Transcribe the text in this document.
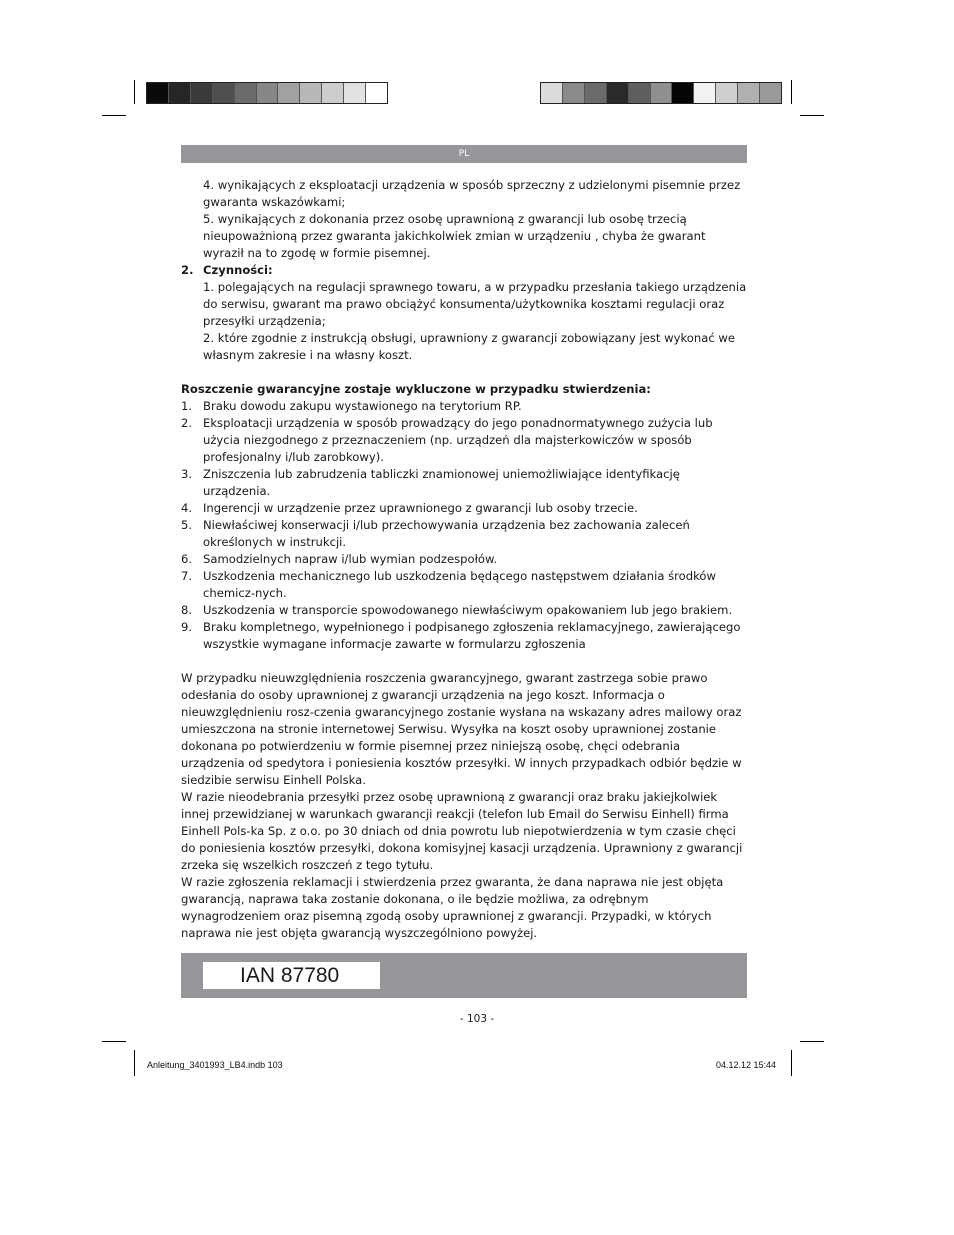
PL
4. wynikających z eksploatacji urządzenia w sposób sprzeczny z udzielonymi pisemnie przez gwaranta wskazówkami;
5. wynikających z dokonania przez osobę uprawnioną z gwarancji lub osobę trzecią nieupoważnioną przez gwaranta jakichkolwiek zmian w urządzeniu , chyba że gwarant wyraził na to zgodę w formie pisemnej.
2. Czynności:
1. polegających na regulacji sprawnego towaru, a w przypadku przesłania takiego urządzenia do serwisu, gwarant ma prawo obciążyć konsumenta/użytkownika kosztami regulacji oraz przesyłki urządzenia;
2. które zgodnie z instrukcją obsługi, uprawniony z gwarancji zobowiązany jest wykonać we własnym zakresie i na własny koszt.
Roszczenie gwarancyjne zostaje wykluczone w przypadku stwierdzenia:
1. Braku dowodu zakupu wystawionego na terytorium RP.
2. Eksploatacji urządzenia w sposób prowadzący do jego ponadnormatywnego zużycia lub użycia niezgodnego z przeznaczeniem (np. urządzeń dla majsterkowiczów w sposób profesjonalny i/lub zarobkowy).
3. Zniszczenia lub zabrudzenia tabliczki znamionowej uniemożliwiające identyfikację urządzenia.
4. Ingerencji w urządzenie przez uprawnionego z gwarancji lub osoby trzecie.
5. Niewłaściwej konserwacji i/lub przechowywania urządzenia bez zachowania zaleceń określonych w instrukcji.
6. Samodzielnych napraw i/lub wymian podzespołów.
7. Uszkodzenia mechanicznego lub uszkodzenia będącego następstwem działania środków chemicz-nych.
8. Uszkodzenia w transporcie spowodowanego niewłaściwym opakowaniem lub jego brakiem.
9. Braku kompletnego, wypełnionego i podpisanego zgłoszenia reklamacyjnego, zawierającego wszystkie wymagane informacje zawarte w formularzu zgłoszenia
W przypadku nieuwzględnienia roszczenia gwarancyjnego, gwarant zastrzega sobie prawo odesłania do osoby uprawnionej z gwarancji urządzenia na jego koszt. Informacja o nieuwzględnieniu rosz-czenia gwarancyjnego zostanie wysłana na wskazany adres mailowy oraz umieszczona na stronie internetowej Serwisu. Wysyłka na koszt osoby uprawnionej zostanie dokonana po potwierdzeniu w formie pisemnej przez niniejszą osobę, chęci odebrania urządzenia od spedytora i poniesienia kosztów przesyłki. W innych przypadkach odbiór będzie w siedzibie serwisu Einhell Polska.
W razie nieodebrania przesyłki przez osobę uprawnioną z gwarancji oraz braku jakiejkolwiek innej przewidzianej w warunkach gwarancji reakcji (telefon lub Email do Serwisu Einhell) firma Einhell Pols-ka Sp. z o.o. po 30 dniach od dnia powrotu lub niepotwierdzenia w tym czasie chęci do poniesienia kosztów przesyłki, dokona komisyjnej kasacji urządzenia. Uprawniony z gwarancji zrzeka się wszelkich roszczeń z tego tytułu.
W razie zgłoszenia reklamacji i stwierdzenia przez gwaranta, że dana naprawa nie jest objęta gwarancją, naprawa taka zostanie dokonana, o ile będzie możliwa, za odrębnym wynagrodzeniem oraz pisemną zgodą osoby uprawnionej z gwarancji. Przypadki, w których naprawa nie jest objęta gwarancją wyszczególniono powyżej.
IAN 87780
- 103 -
Anleitung_3401993_LB4.indb 103	04.12.12 15:44
